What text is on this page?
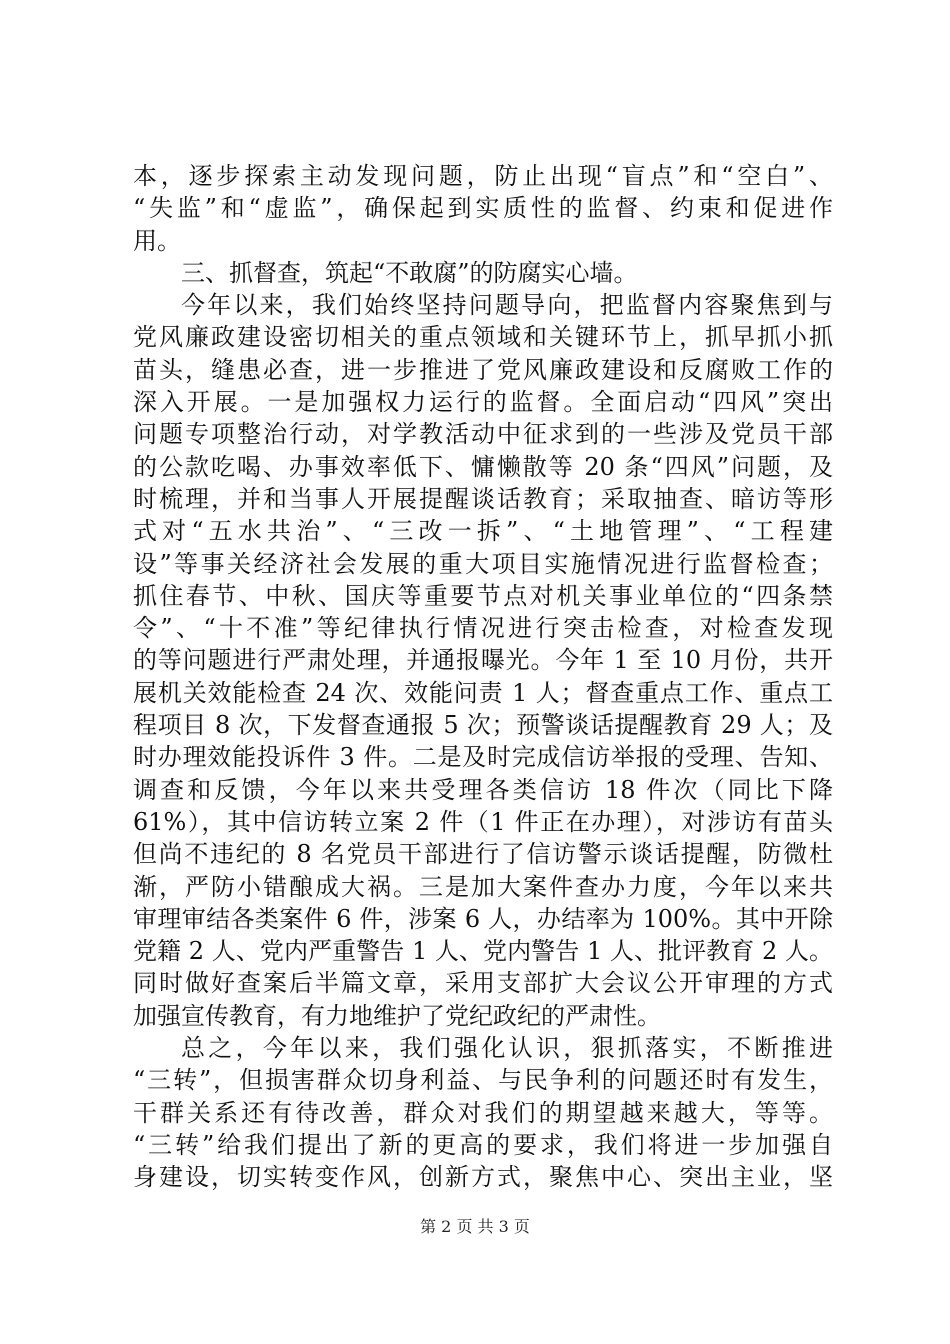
本，逐步探索主动发现问题，防止出现“盲点”和“空白”、
“失监”和“虚监”，确保起到实质性的监督、约束和促进作
用。
三、抓督查，筑起“不敢腐”的防腐实心墙。
今年以来，我们始终坚持问题导向，把监督内容聚焦到与
党风廉政建设密切相关的重点领域和关键环节上，抓早抓小抓
苗头，缝患必查，进一步推进了党风廉政建设和反腐败工作的
深入开展。一是加强权力运行的监督。全面启动“四风”突出
问题专项整治行动，对学教活动中征求到的一些涉及党员干部
的公款吃喝、办事效率低下、慵懒散等 20 条“四风”问题，及
时梳理，并和当事人开展提醒谈话教育；采取抽查、暗访等形
式对“五水共治”、“三改一拆”、“土地管理”、“工程建
设”等事关经济社会发展的重大项目实施情况进行监督检查；
抓住春节、中秋、国庆等重要节点对机关事业单位的“四条禁
令”、“十不准”等纪律执行情况进行突击检查，对检查发现
的等问题进行严肃处理，并通报曝光。今年 1 至 10 月份，共开
展机关效能检查 24 次、效能问责 1 人；督查重点工作、重点工
程项目 8 次，下发督查通报 5 次；预警谈话提醒教育 29 人；及
时办理效能投诉件 3 件。二是及时完成信访举报的受理、告知、
调查和反馈，今年以来共受理各类信访 18 件次（同比下降
61%），其中信访转立案 2 件（1 件正在办理），对涉访有苗头
但尚不违纪的 8 名党员干部进行了信访警示谈话提醒，防微杜
渐，严防小错酿成大祸。三是加大案件查办力度，今年以来共
审理审结各类案件 6 件，涉案 6 人，办结率为 100%。其中开除
党籍 2 人、党内严重警告 1 人、党内警告 1 人、批评教育 2 人。
同时做好查案后半篇文章，采用支部扩大会议公开审理的方式
加强宣传教育，有力地维护了党纪政纪的严肃性。
总之，今年以来，我们强化认识，狠抓落实，不断推进
“三转”，但损害群众切身利益、与民争利的问题还时有发生，
干群关系还有待改善，群众对我们的期望越来越大，等等。
“三转”给我们提出了新的更高的要求，我们将进一步加强自
身建设，切实转变作风，创新方式，聚焦中心、突出主业，坚
第 2 页 共 3 页
